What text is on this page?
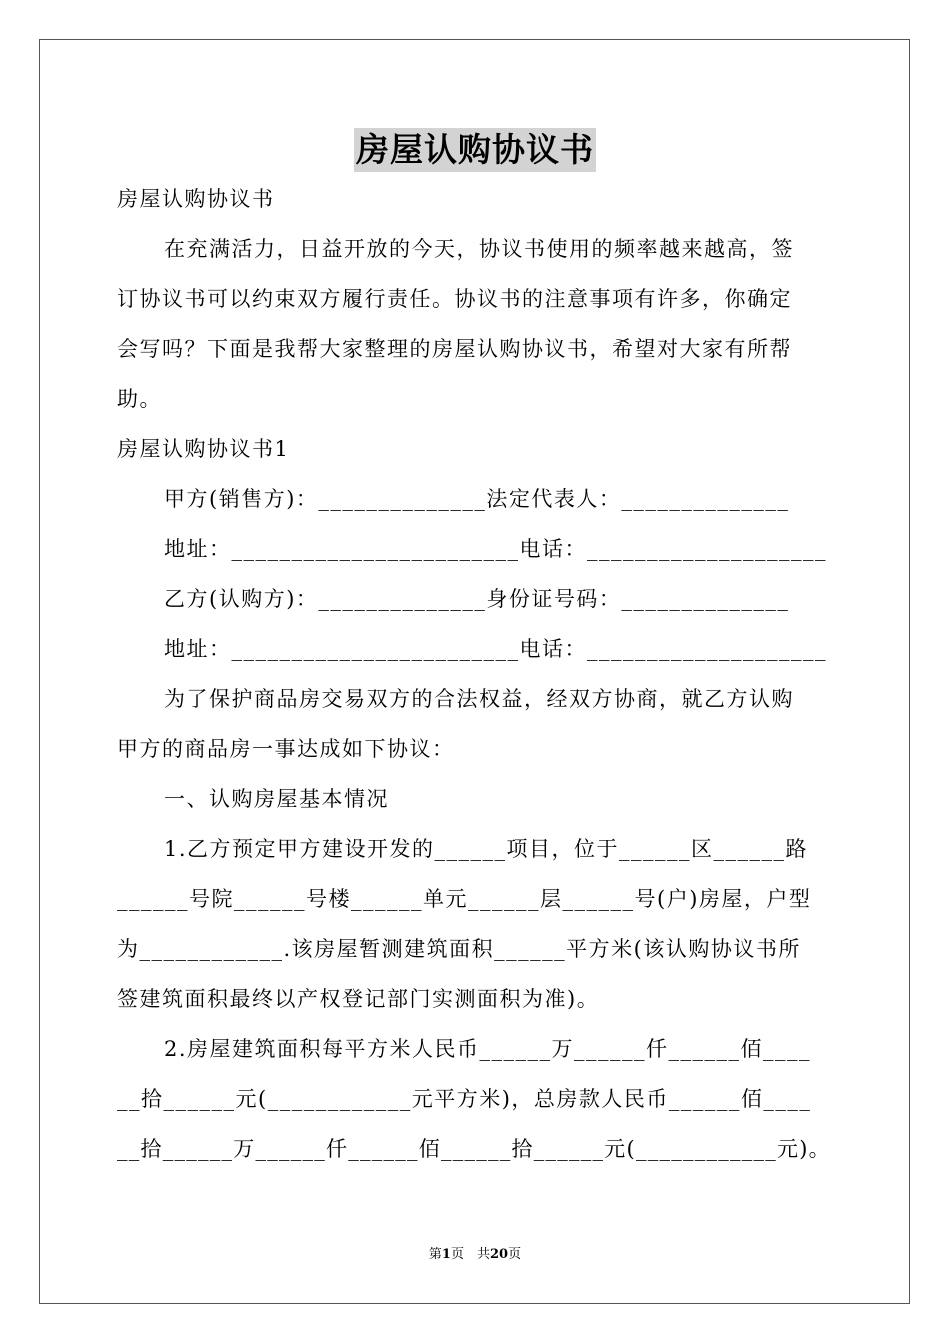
房屋认购协议书
房屋认购协议书
在充满活力，日益开放的今天，协议书使用的频率越来越高，签
订协议书可以约束双方履行责任。协议书的注意事项有许多，你确定
会写吗？下面是我帮大家整理的房屋认购协议书，希望对大家有所帮
助。
房屋认购协议书1
甲方(销售方)：______________法定代表人：______________
地址：________________________电话：____________________
乙方(认购方)：______________身份证号码：______________
地址：________________________电话：____________________
为了保护商品房交易双方的合法权益，经双方协商，就乙方认购
甲方的商品房一事达成如下协议：
一、认购房屋基本情况
1.乙方预定甲方建设开发的______项目，位于______区______路
______号院______号楼______单元______层______号(户)房屋，户型
为____________.该房屋暂测建筑面积______平方米(该认购协议书所
签建筑面积最终以产权登记部门实测面积为准)。
2.房屋建筑面积每平方米人民币______万______仟______佰____
__拾______元(____________元平方米)，总房款人民币______佰____
__拾______万______仟______佰______拾______元(____________元)。
第1页　共20页
